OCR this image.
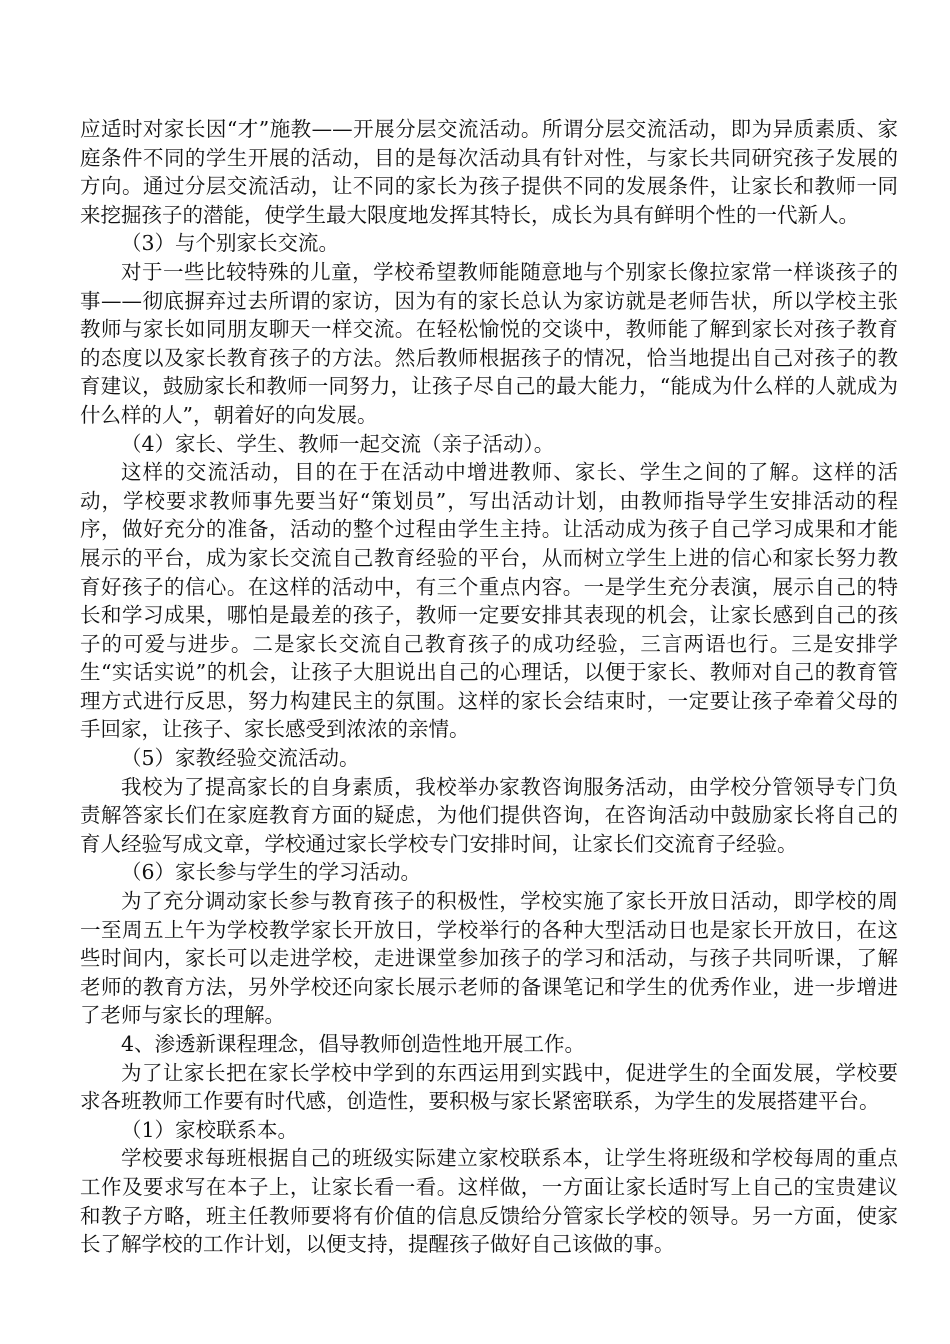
应适时对家长因“才”施教——开展分层交流活动。所谓分层交流活动，即为异质素质、家庭条件不同的学生开展的活动，目的是每次活动具有针对性，与家长共同研究孩子发展的方向。通过分层交流活动，让不同的家长为孩子提供不同的发展条件，让家长和教师一同来挖掘孩子的潜能，使学生最大限度地发挥其特长，成长为具有鲜明个性的一代新人。

（3）与个别家长交流。

对于一些比较特殊的儿童，学校希望教师能随意地与个别家长像拉家常一样谈孩子的事——彻底摒弃过去所谓的家访，因为有的家长总认为家访就是老师告状，所以学校主张教师与家长如同朋友聊天一样交流。在轻松愉悦的交谈中，教师能了解到家长对孩子教育的态度以及家长教育孩子的方法。然后教师根据孩子的情况，恰当地提出自己对孩子的教育建议，鼓励家长和教师一同努力，让孩子尽自己的最大能力，“能成为什么样的人就成为什么样的人”，朝着好的向发展。

（4）家长、学生、教师一起交流（亲子活动）。

这样的交流活动，目的在于在活动中增进教师、家长、学生之间的了解。这样的活动，学校要求教师事先要当好“策划员”，写出活动计划，由教师指导学生安排活动的程序，做好充分的准备，活动的整个过程由学生主持。让活动成为孩子自己学习成果和才能展示的平台，成为家长交流自己教育经验的平台，从而树立学生上进的信心和家长努力教育好孩子的信心。在这样的活动中，有三个重点内容。一是学生充分表演，展示自己的特长和学习成果，哪怕是最差的孩子，教师一定要安排其表现的机会，让家长感到自己的孩子的可爱与进步。二是家长交流自己教育孩子的成功经验，三言两语也行。三是安排学生“实话实说”的机会，让孩子大胆说出自己的心理话，以便于家长、教师对自己的教育管理方式进行反思，努力构建民主的氛围。这样的家长会结束时，一定要让孩子牵着父母的手回家，让孩子、家长感受到浓浓的亲情。

（5）家教经验交流活动。

我校为了提高家长的自身素质，我校举办家教咨询服务活动，由学校分管领导专门负责解答家长们在家庭教育方面的疑虑，为他们提供咨询，在咨询活动中鼓励家长将自己的育人经验写成文章，学校通过家长学校专门安排时间，让家长们交流育子经验。

（6）家长参与学生的学习活动。

为了充分调动家长参与教育孩子的积极性，学校实施了家长开放日活动，即学校的周一至周五上午为学校教学家长开放日，学校举行的各种大型活动日也是家长开放日，在这些时间内，家长可以走进学校，走进课堂参加孩子的学习和活动，与孩子共同听课，了解老师的教育方法，另外学校还向家长展示老师的备课笔记和学生的优秀作业，进一步增进了老师与家长的理解。

4、渗透新课程理念，倡导教师创造性地开展工作。

为了让家长把在家长学校中学到的东西运用到实践中，促进学生的全面发展，学校要求各班教师工作要有时代感，创造性，要积极与家长紧密联系，为学生的发展搭建平台。

（1）家校联系本。

学校要求每班根据自己的班级实际建立家校联系本，让学生将班级和学校每周的重点工作及要求写在本子上，让家长看一看。这样做，一方面让家长适时写上自己的宝贵建议和教子方略，班主任教师要将有价值的信息反馈给分管家长学校的领导。另一方面，使家长了解学校的工作计划，以便支持，提醒孩子做好自己该做的事。
